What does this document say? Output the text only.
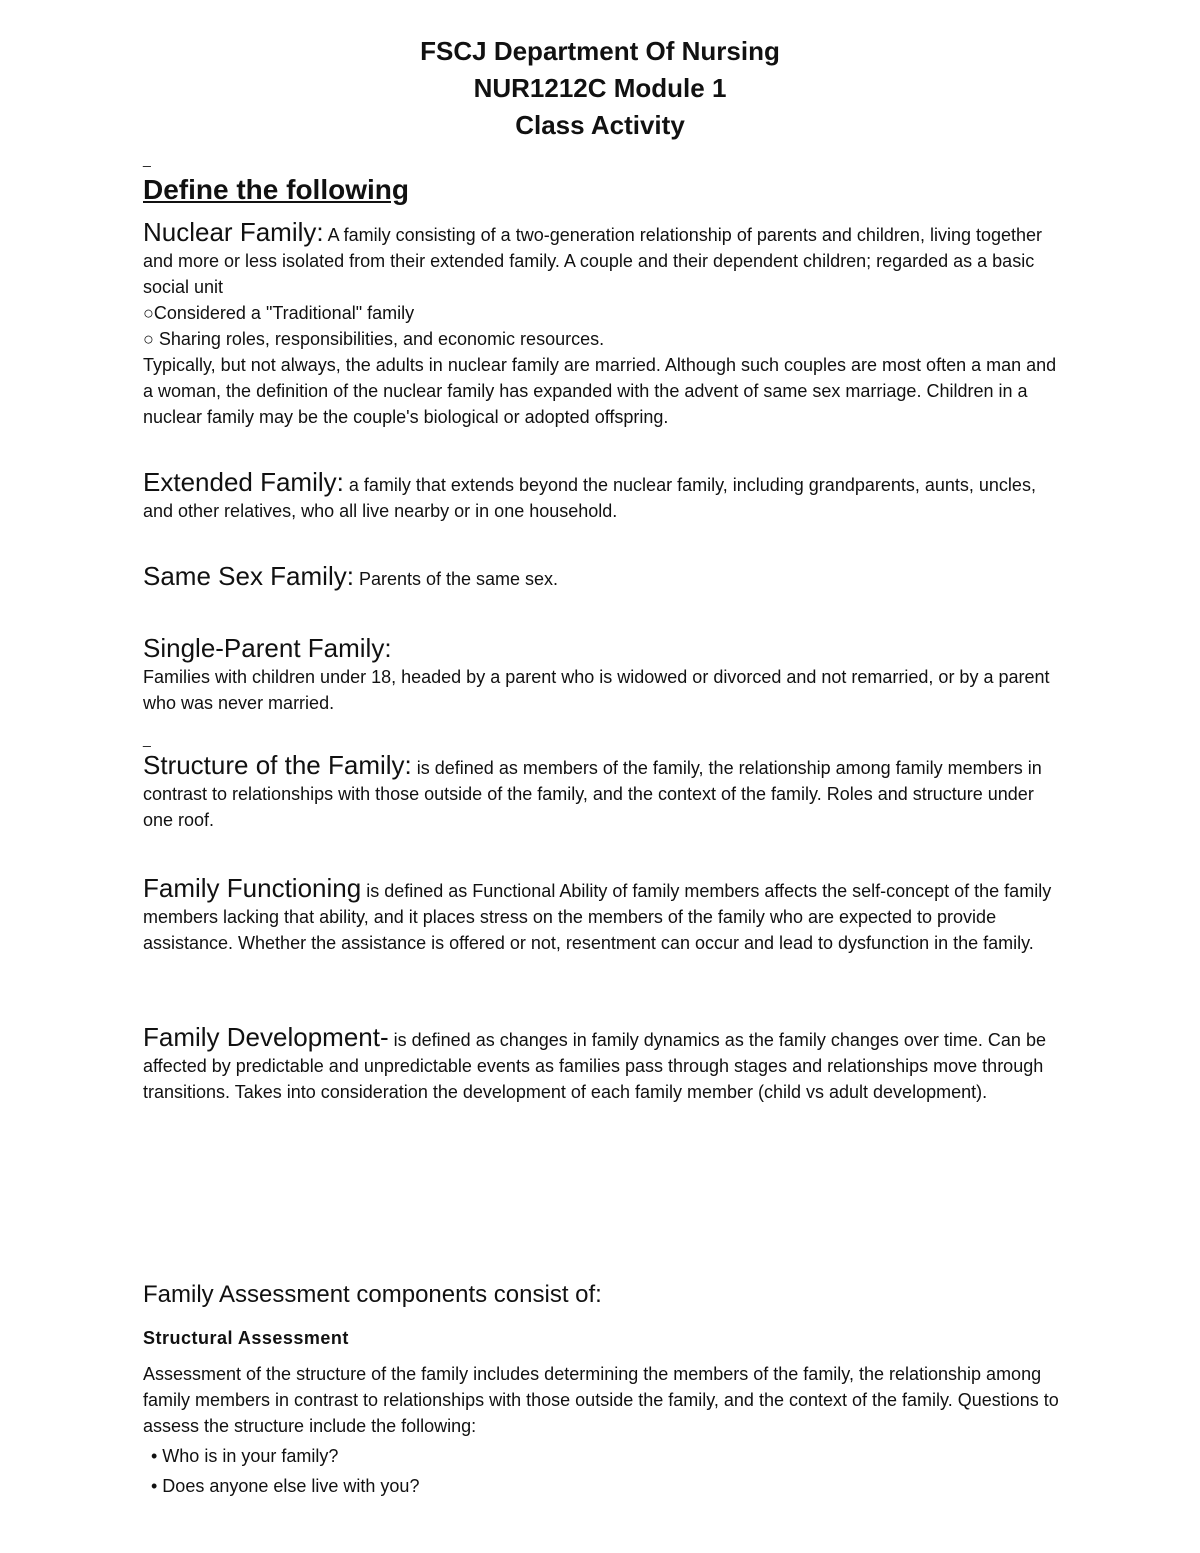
FSCJ Department Of Nursing
NUR1212C Module 1
Class Activity
_
Define the following

Nuclear Family: A family consisting of a two-generation relationship of parents and children, living together and more or less isolated from their extended family. A couple and their dependent children; regarded as a basic social unit

○Considered a "Traditional" family

○ Sharing roles, responsibilities, and economic resources.

Typically, but not always, the adults in nuclear family are married. Although such couples are most often a man and a woman, the definition of the nuclear family has expanded with the advent of same sex marriage. Children in a nuclear family may be the couple's biological or adopted offspring.

Extended Family: a family that extends beyond the nuclear family, including grandparents, aunts, uncles, and other relatives, who all live nearby or in one household.

Same Sex Family: Parents of the same sex.

Single-Parent Family:

Families with children under 18, headed by a parent who is widowed or divorced and not remarried, or by a parent who was never married.

_

Structure of the Family: is defined as members of the family, the relationship among family members in contrast to relationships with those outside of the family, and the context of the family. Roles and structure under one roof.

Family Functioning is defined as Functional Ability of family members affects the self-concept of the family members lacking that ability, and it places stress on the members of the family who are expected to provide assistance. Whether the assistance is offered or not, resentment can occur and lead to dysfunction in the family.

Family Development- is defined as changes in family dynamics as the family changes over time. Can be affected by predictable and unpredictable events as families pass through stages and relationships move through transitions. Takes into consideration the development of each family member (child vs adult development).

Family Assessment components consist of:

Structural Assessment

Assessment of the structure of the family includes determining the members of the family, the relationship among family members in contrast to relationships with those outside the family, and the context of the family. Questions to assess the structure include the following:

• Who is in your family?

• Does anyone else live with you?
